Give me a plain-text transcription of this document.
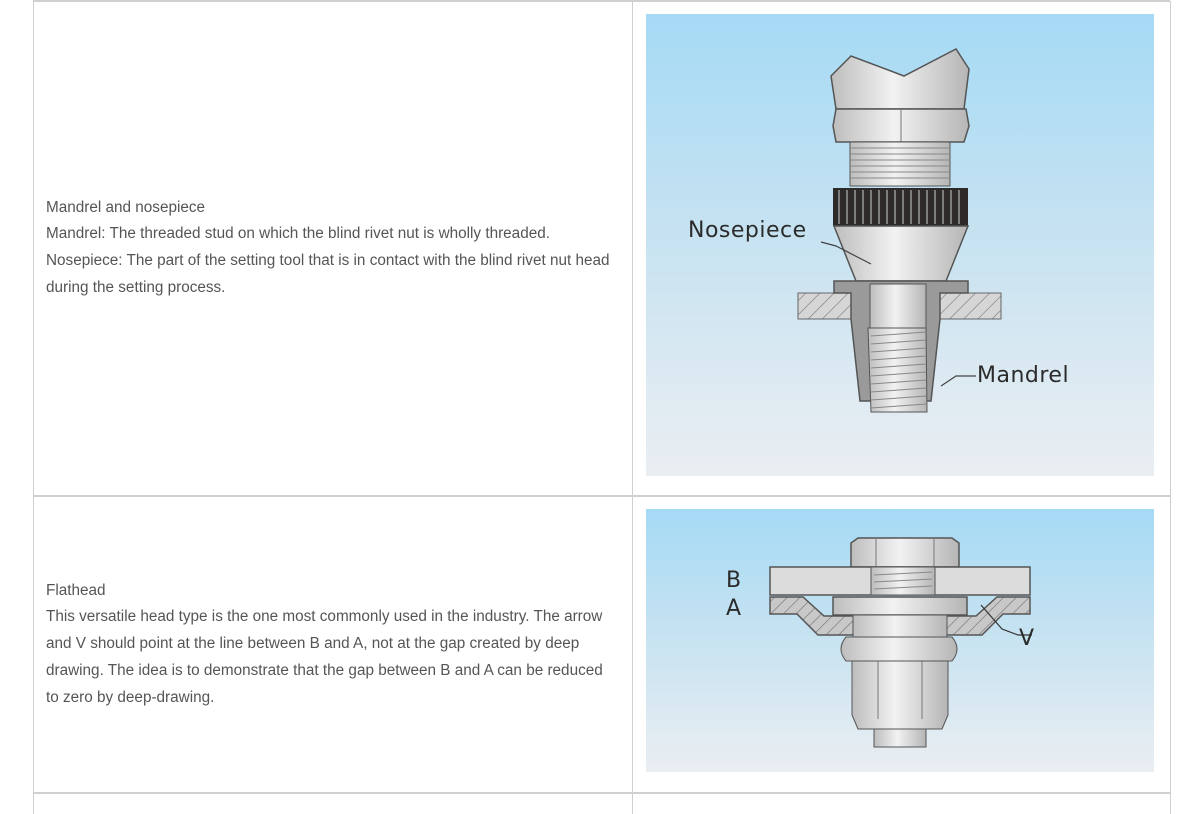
Mandrel and nosepiece

Mandrel: The threaded stud on which the blind rivet nut is wholly threaded.

Nosepiece: The part of the setting tool that is in contact with the blind rivet nut head during the setting process.

Nosepiece
Mandrel

Flathead

This versatile head type is the one most commonly used in the industry. The arrow and V should point at the line between B and A, not at the gap created by deep drawing. The idea is to demonstrate that the gap between B and A can be reduced to zero by deep-drawing.

B
A
V
